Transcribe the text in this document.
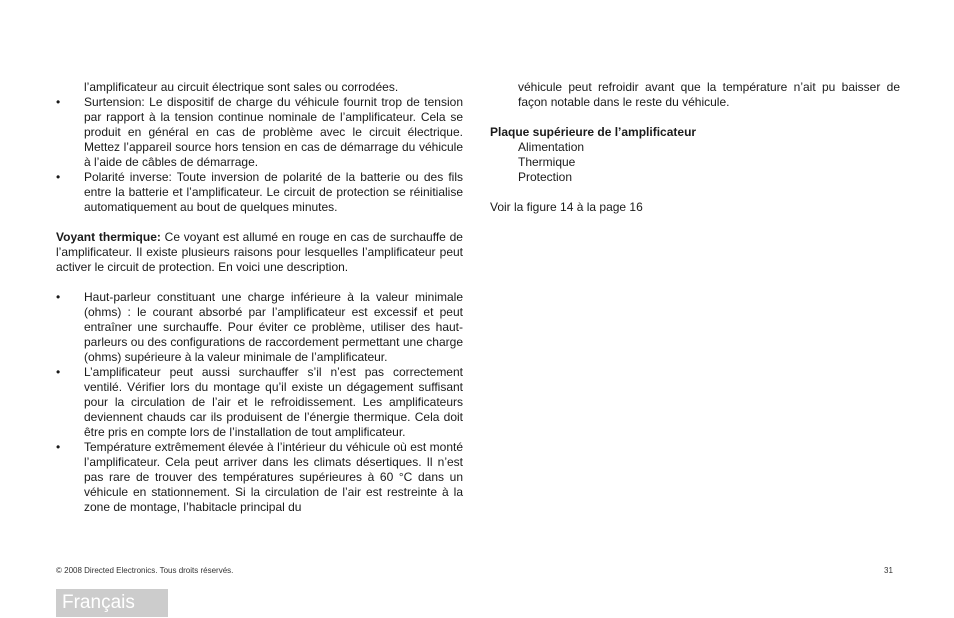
l’amplificateur au circuit électrique sont sales ou corrodées.

• Surtension: Le dispositif de charge du véhicule fournit trop de tension par rapport à la tension continue nominale de l’amplificateur. Cela se produit en général en cas de problème avec le circuit électrique. Mettez l’appareil source hors tension en cas de démarrage du véhicule à l’aide de câbles de démarrage.
• Polarité inverse: Toute inversion de polarité de la batterie ou des fils entre la batterie et l’amplificateur. Le circuit de protection se réinitialise automatiquement au bout de quelques minutes.

Voyant thermique: Ce voyant est allumé en rouge en cas de surchauffe de l’amplificateur. Il existe plusieurs raisons pour lesquelles l’amplificateur peut activer le circuit de protection. En voici une description.

• Haut-parleur constituant une charge inférieure à la valeur minimale (ohms) : le courant absorbé par l’amplificateur est excessif et peut entraîner une surchauffe. Pour éviter ce problème, utiliser des haut-parleurs ou des configurations de raccordement permettant une charge (ohms) supérieure à la valeur minimale de l’amplificateur.
• L’amplificateur peut aussi surchauffer s’il n’est pas correctement ventilé. Vérifier lors du montage qu’il existe un dégagement suffisant pour la circulation de l’air et le refroidissement. Les amplificateurs deviennent chauds car ils produisent de l’énergie thermique. Cela doit être pris en compte lors de l’installation de tout amplificateur.
• Température extrêmement élevée à l’intérieur du véhicule où est monté l’amplificateur. Cela peut arriver dans les climats désertiques. Il n’est pas rare de trouver des températures supérieures à 60 °C dans un véhicule en stationnement. Si la circulation de l’air est restreinte à la zone de montage, l’habitacle principal du

véhicule peut refroidir avant que la température n’ait pu baisser de façon notable dans le reste du véhicule.

Plaque supérieure de l’amplificateur
Alimentation
Thermique
Protection

Voir la figure 14 à la page 16

© 2008 Directed Electronics. Tous droits réservés.	31
Français
